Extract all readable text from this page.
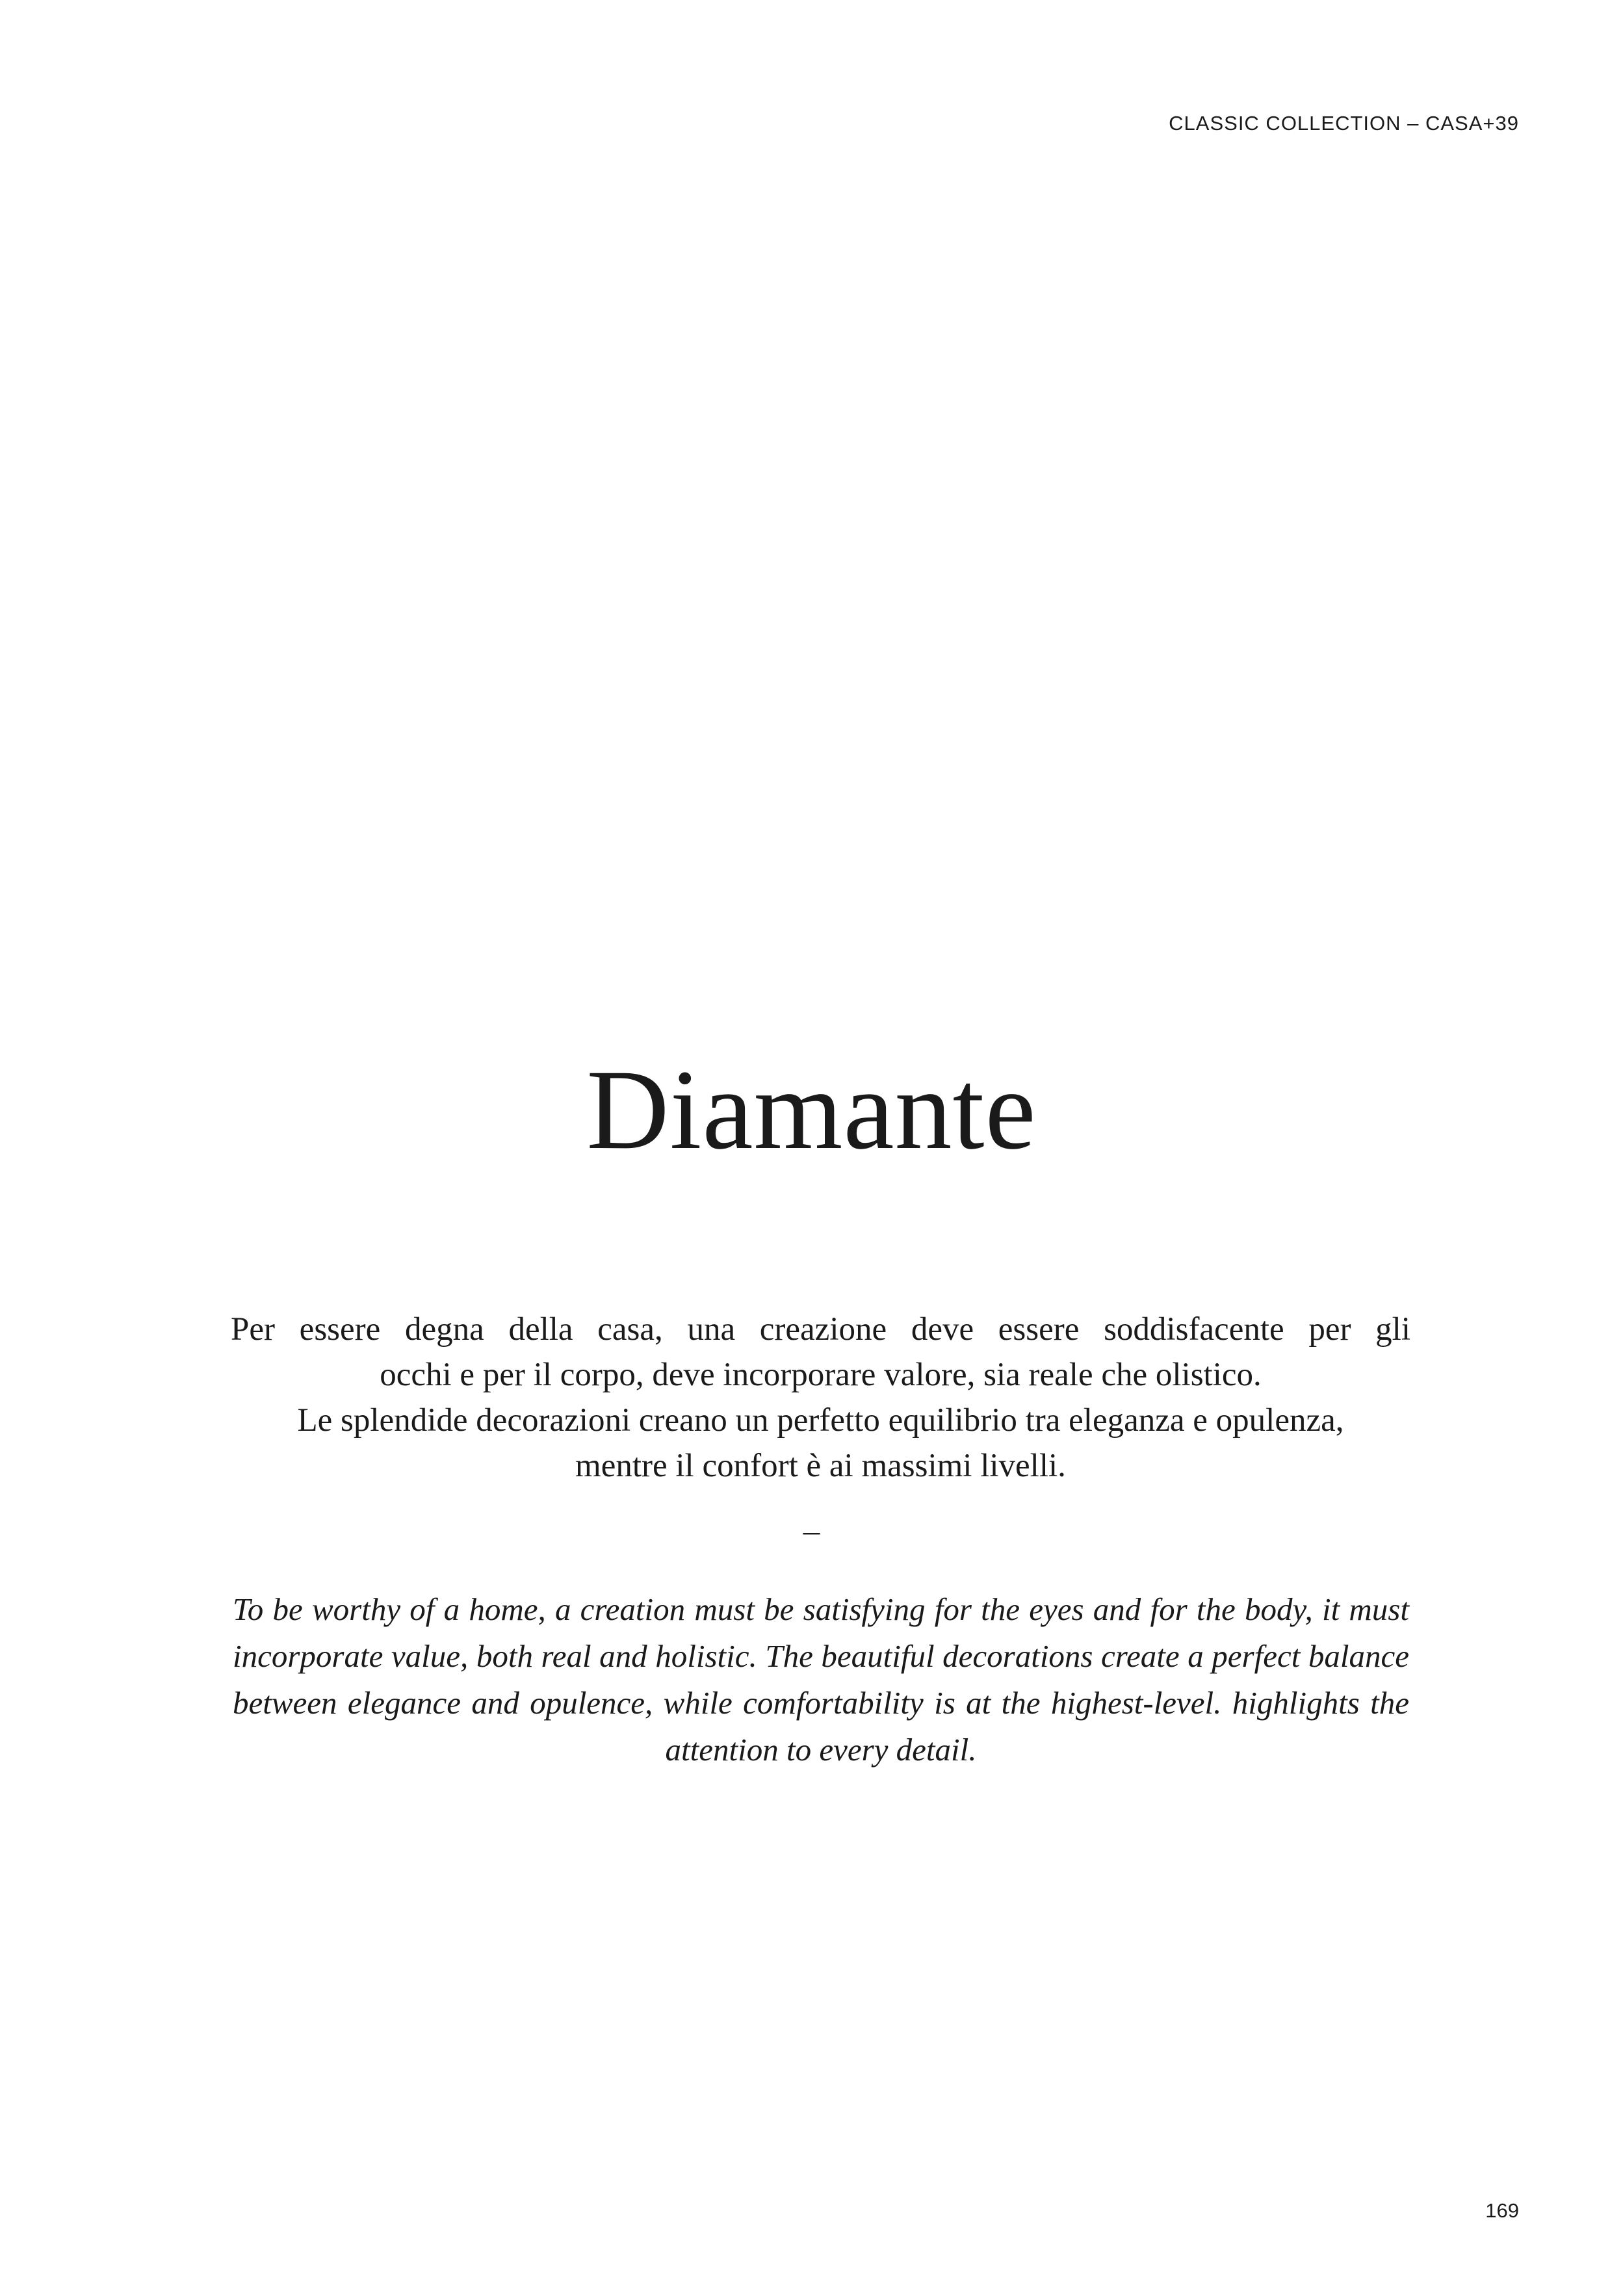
CLASSIC COLLECTION – CASA+39
Diamante
Per essere degna della casa, una creazione deve essere soddisfacente per gli
occhi e per il corpo, deve incorporare valore, sia reale che olistico.
Le splendide decorazioni creano un perfetto equilibrio tra eleganza e opulenza,
mentre il confort è ai massimi livelli.
–

To be worthy of a home, a creation must be satisfying for the eyes and for the body, it must incorporate value, both real and holistic. The beautiful decorations create a perfect balance between elegance and opulence, while comfortability is at the highest-level. highlights the attention to every detail.

169
